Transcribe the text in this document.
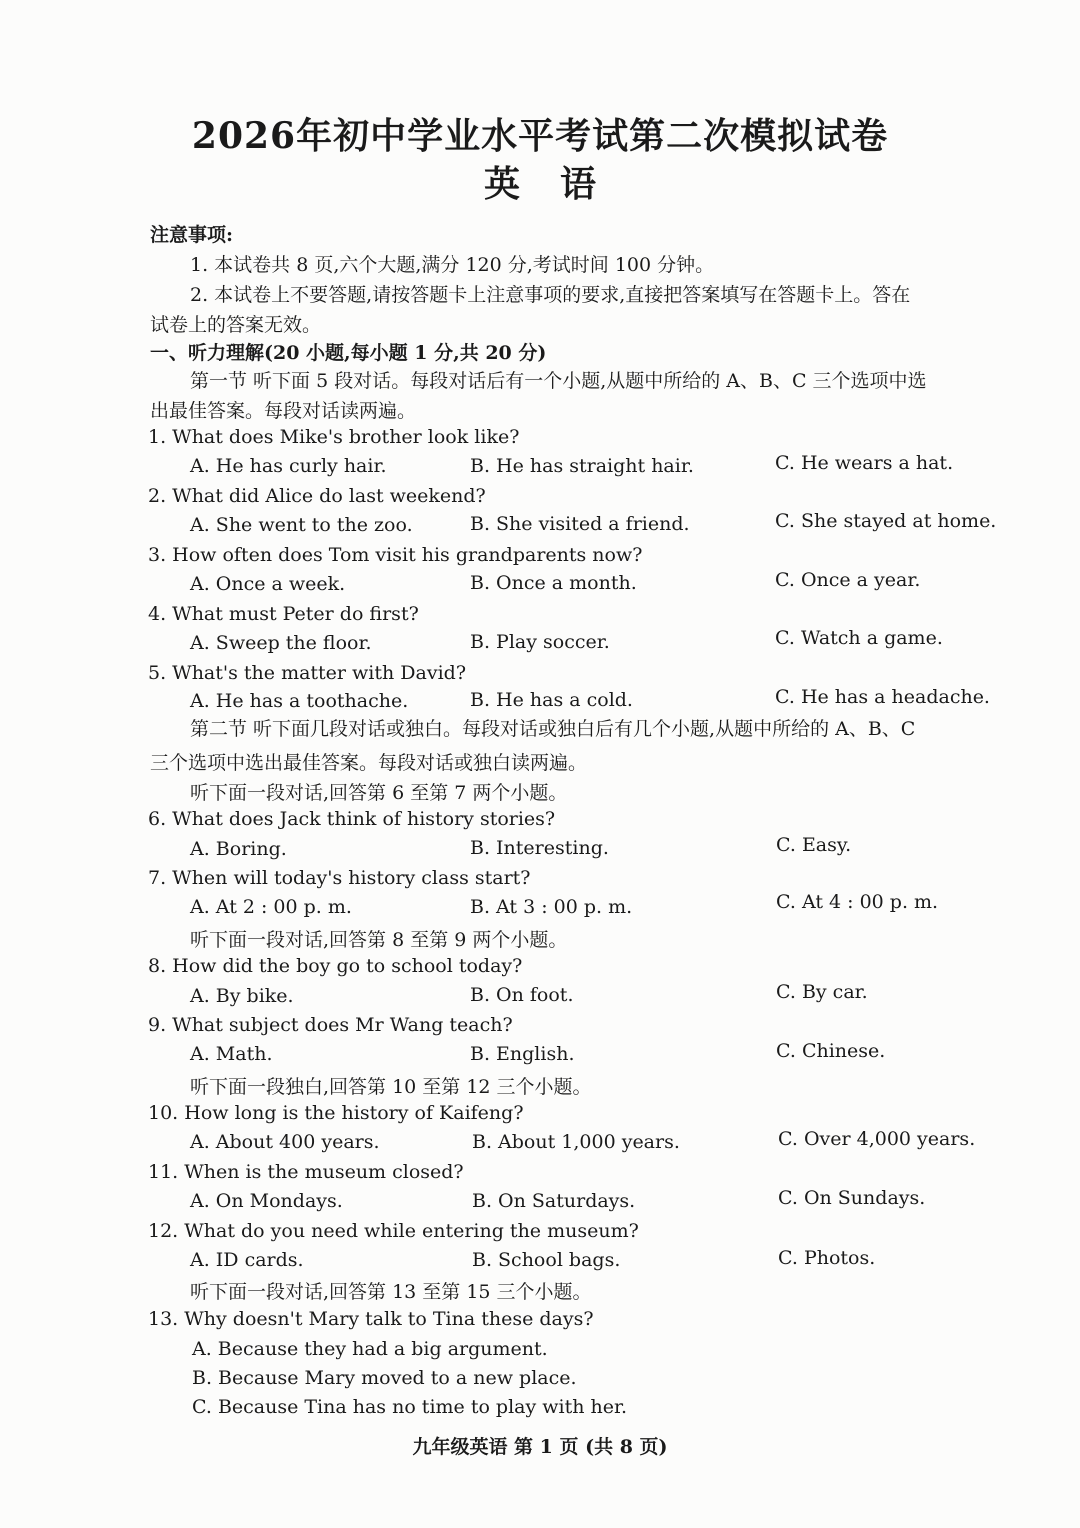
2026年初中学业水平考试第二次模拟试卷
英语
注意事项:
1. 本试卷共 8 页,六个大题,满分 120 分,考试时间 100 分钟。
2. 本试卷上不要答题,请按答题卡上注意事项的要求,直接把答案填写在答题卡上。答在
试卷上的答案无效。
一、听力理解(20 小题,每小题 1 分,共 20 分)
第一节 听下面 5 段对话。每段对话后有一个小题,从题中所给的 A、B、C 三个选项中选
出最佳答案。每段对话读两遍。
1. What does Mike's brother look like?
A. He has curly hair.	B. He has straight hair.	C. He wears a hat.
2. What did Alice do last weekend?
A. She went to the zoo.	B. She visited a friend.	C. She stayed at home.
3. How often does Tom visit his grandparents now?
A. Once a week.	B. Once a month.	C. Once a year.
4. What must Peter do first?
A. Sweep the floor.	B. Play soccer.	C. Watch a game.
5. What's the matter with David?
A. He has a toothache.	B. He has a cold.	C. He has a headache.
第二节 听下面几段对话或独白。每段对话或独白后有几个小题,从题中所给的 A、B、C
三个选项中选出最佳答案。每段对话或独白读两遍。
听下面一段对话,回答第 6 至第 7 两个小题。
6. What does Jack think of history stories?
A. Boring.	B. Interesting.	C. Easy.
7. When will today's history class start?
A. At 2 : 00 p. m.	B. At 3 : 00 p. m.	C. At 4 : 00 p. m.
听下面一段对话,回答第 8 至第 9 两个小题。
8. How did the boy go to school today?
A. By bike.	B. On foot.	C. By car.
9. What subject does Mr Wang teach?
A. Math.	B. English.	C. Chinese.
听下面一段独白,回答第 10 至第 12 三个小题。
10. How long is the history of Kaifeng?
A. About 400 years.	B. About 1,000 years.	C. Over 4,000 years.
11. When is the museum closed?
A. On Mondays.	B. On Saturdays.	C. On Sundays.
12. What do you need while entering the museum?
A. ID cards.	B. School bags.	C. Photos.
听下面一段对话,回答第 13 至第 15 三个小题。
13. Why doesn't Mary talk to Tina these days?
A. Because they had a big argument.
B. Because Mary moved to a new place.
C. Because Tina has no time to play with her.
九年级英语 第 1 页 (共 8 页)
